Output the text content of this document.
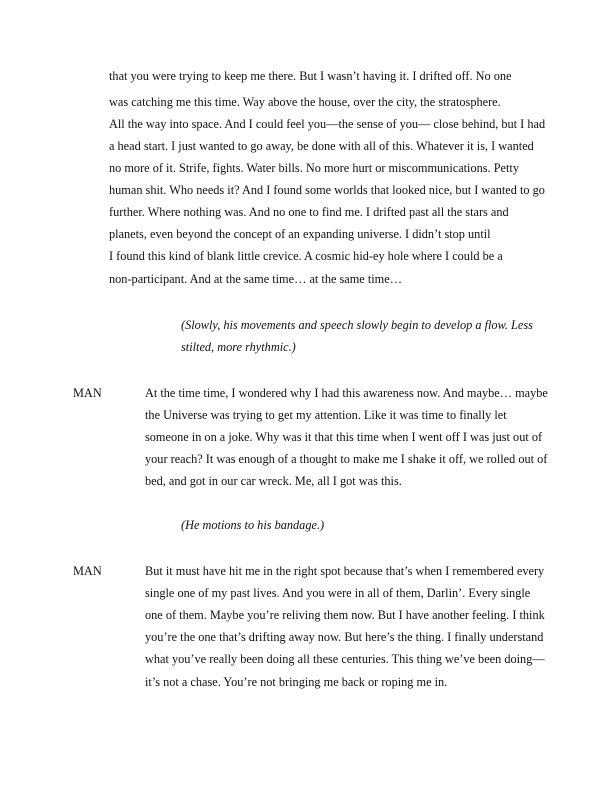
that you were trying to keep me there. But I wasn’t having it. I drifted off. No one
was catching me this time. Way above the house, over the city, the stratosphere.
All the way into space. And I could feel you—the sense of you— close behind, but I had
a head start. I just wanted to go away, be done with all of this. Whatever it is, I wanted
no more of it. Strife, fights. Water bills. No more hurt or miscommunications. Petty
human shit. Who needs it? And I found some worlds that looked nice, but I wanted to go
further. Where nothing was. And no one to find me. I drifted past all the stars and
planets, even beyond the concept of an expanding universe. I didn’t stop until
I found this kind of blank little crevice. A cosmic hid-ey hole where I could be a
non-participant. And at the same time… at the same time…
(Slowly, his movements and speech slowly begin to develop a flow. Less
stilted, more rhythmic.)
MAN	At the time time, I wondered why I had this awareness now. And maybe… maybe
the Universe was trying to get my attention. Like it was time to finally let
someone in on a joke. Why was it that this time when I went off I was just out of
your reach? It was enough of a thought to make me I shake it off, we rolled out of
bed, and got in our car wreck. Me, all I got was this.
(He motions to his bandage.)
MAN	But it must have hit me in the right spot because that’s when I remembered every
single one of my past lives. And you were in all of them, Darlin’. Every single
one of them. Maybe you’re reliving them now. But I have another feeling. I think
you’re the one that’s drifting away now. But here’s the thing. I finally understand
what you’ve really been doing all these centuries. This thing we’ve been doing—
it’s not a chase. You’re not bringing me back or roping me in.
